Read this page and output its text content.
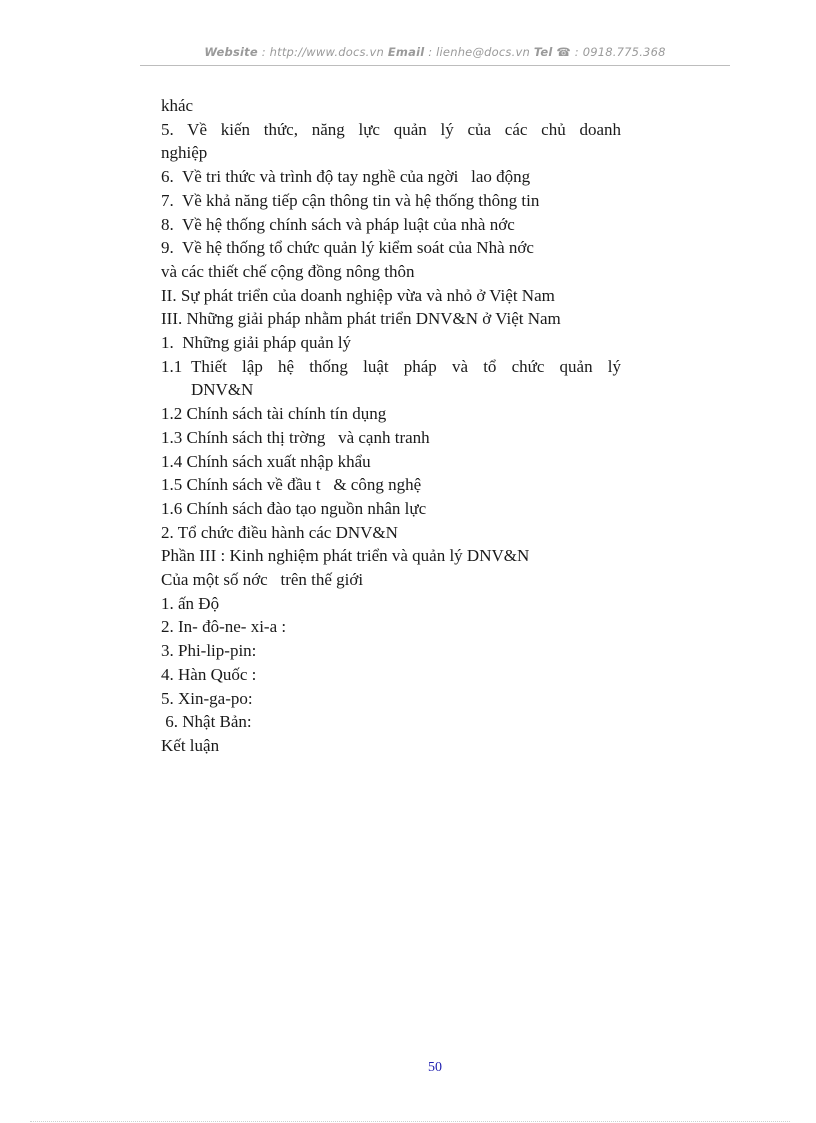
Website : http://www.docs.vn Email : lienhe@docs.vn Tel ☎ : 0918.775.368
khác
5. Về kiến thức, năng lực quản lý của các chủ doanh
nghiệp
6.  Về tri thức và trình độ tay nghề của ngời   lao động
7.  Về khả năng tiếp cận thông tin và hệ thống thông tin
8.  Về hệ thống chính sách và pháp luật của nhà nớc
9.  Về hệ thống tổ chức quản lý kiểm soát của Nhà nớc
và các thiết chế cộng đồng nông thôn
II. Sự phát triển của doanh nghiệp vừa và nhỏ ở Việt Nam
III. Những giải pháp nhằm phát triển DNV&N ở Việt Nam
1.  Những giải pháp quản lý
1.1 Thiết lập hệ thống luật pháp và tổ chức quản lý
DNV&N
1.2 Chính sách tài chính tín dụng
1.3 Chính sách thị trờng   và cạnh tranh
1.4 Chính sách xuất nhập khẩu
1.5 Chính sách về đầu t   & công nghệ
1.6 Chính sách đào tạo nguồn nhân lực
2. Tổ chức điều hành các DNV&N
Phần III : Kinh nghiệm phát triển và quản lý DNV&N
Của một số nớc   trên thế giới
1. ấn Độ
2. In- đô-ne- xi-a :
3. Phi-lip-pin:
4. Hàn Quốc :
5. Xin-ga-po:
6. Nhật Bản:
Kết luận
50
